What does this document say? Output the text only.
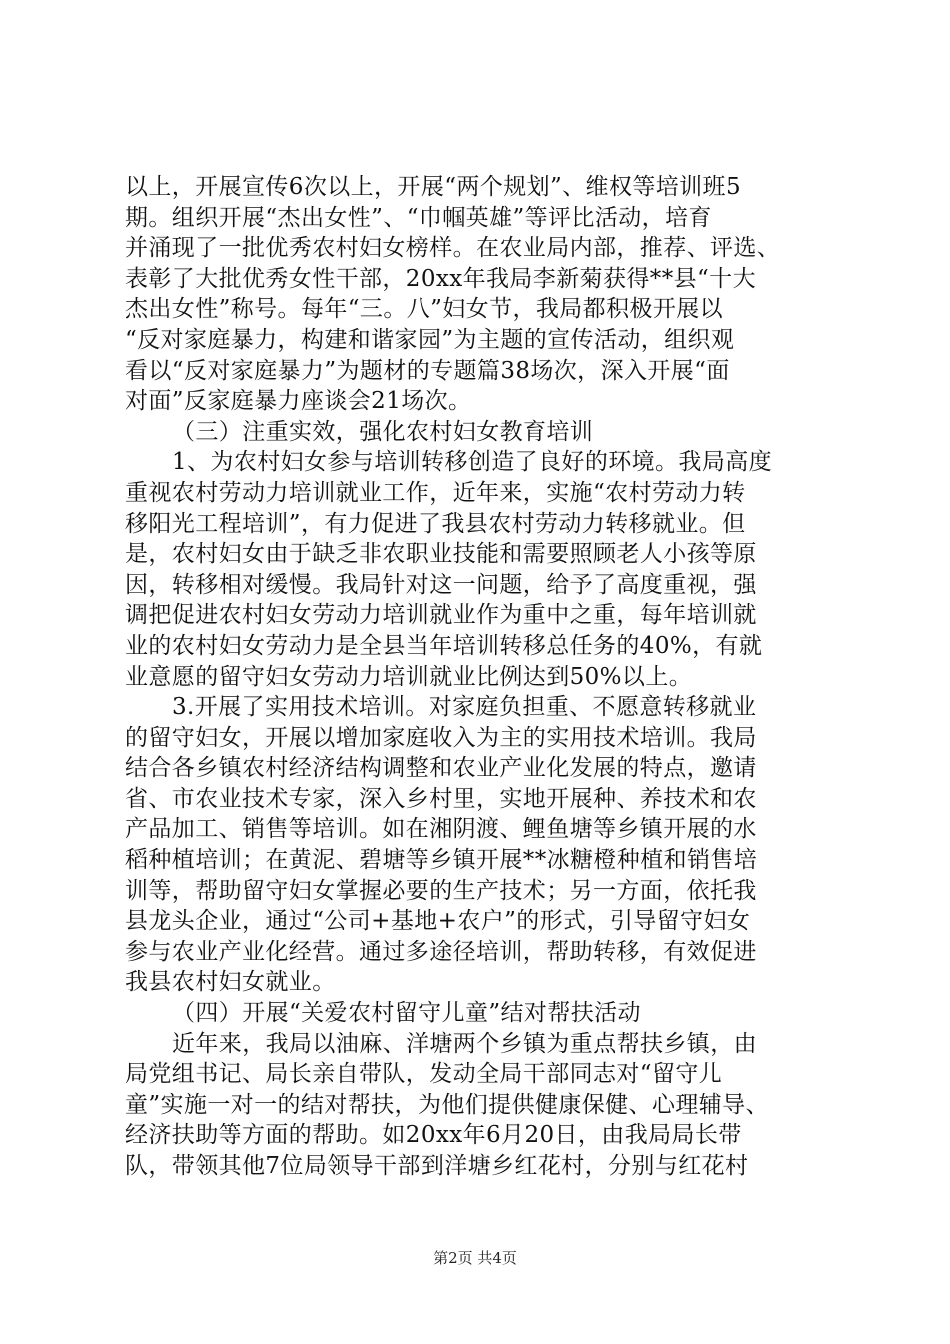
以上，开展宣传6次以上，开展“两个规划”、维权等培训班5
期。组织开展“杰出女性”、“巾帼英雄”等评比活动，培育
并涌现了一批优秀农村妇女榜样。在农业局内部，推荐、评选、
表彰了大批优秀女性干部，20xx年我局李新菊获得**县“十大
杰出女性”称号。每年“三。八”妇女节，我局都积极开展以
“反对家庭暴力，构建和谐家园”为主题的宣传活动，组织观
看以“反对家庭暴力”为题材的专题篇38场次，深入开展“面
对面”反家庭暴力座谈会21场次。
（三）注重实效，强化农村妇女教育培训
1、为农村妇女参与培训转移创造了良好的环境。我局高度
重视农村劳动力培训就业工作，近年来，实施“农村劳动力转
移阳光工程培训”，有力促进了我县农村劳动力转移就业。但
是，农村妇女由于缺乏非农职业技能和需要照顾老人小孩等原
因，转移相对缓慢。我局针对这一问题，给予了高度重视，强
调把促进农村妇女劳动力培训就业作为重中之重，每年培训就
业的农村妇女劳动力是全县当年培训转移总任务的40%，有就
业意愿的留守妇女劳动力培训就业比例达到50%以上。
3.开展了实用技术培训。对家庭负担重、不愿意转移就业
的留守妇女，开展以增加家庭收入为主的实用技术培训。我局
结合各乡镇农村经济结构调整和农业产业化发展的特点，邀请
省、市农业技术专家，深入乡村里，实地开展种、养技术和农
产品加工、销售等培训。如在湘阴渡、鲤鱼塘等乡镇开展的水
稻种植培训；在黄泥、碧塘等乡镇开展**冰糖橙种植和销售培
训等，帮助留守妇女掌握必要的生产技术；另一方面，依托我
县龙头企业，通过“公司+基地+农户”的形式，引导留守妇女
参与农业产业化经营。通过多途径培训，帮助转移，有效促进
我县农村妇女就业。
（四）开展“关爱农村留守儿童”结对帮扶活动
近年来，我局以油麻、洋塘两个乡镇为重点帮扶乡镇，由
局党组书记、局长亲自带队，发动全局干部同志对“留守儿
童”实施一对一的结对帮扶，为他们提供健康保健、心理辅导、
经济扶助等方面的帮助。如20xx年6月20日，由我局局长带
队，带领其他7位局领导干部到洋塘乡红花村，分别与红花村
第2页 共4页
